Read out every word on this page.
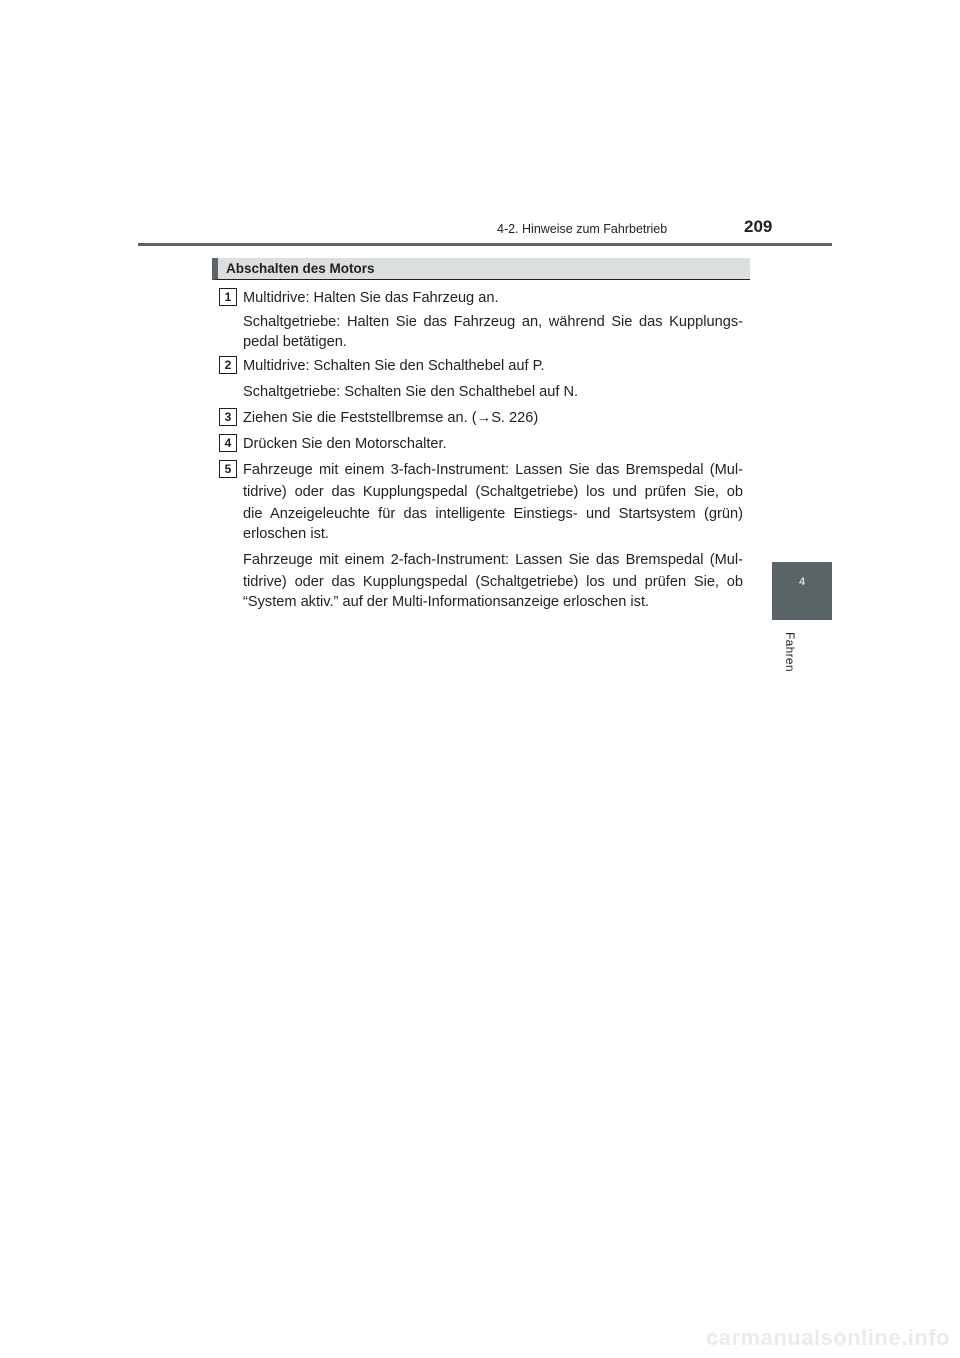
4-2. Hinweise zum Fahrbetrieb	209
4
Fahren
Abschalten des Motors
1
2
3
4
5
Multidrive: Halten Sie das Fahrzeug an.
Schaltgetriebe: Halten Sie das Fahrzeug an, während Sie das Kupplungs-
pedal betätigen.
Multidrive: Schalten Sie den Schalthebel auf P.
Schaltgetriebe: Schalten Sie den Schalthebel auf N.
Ziehen Sie die Feststellbremse an. (→S. 226)
Drücken Sie den Motorschalter.
Fahrzeuge mit einem 3-fach-Instrument: Lassen Sie das Bremspedal (Mul-
tidrive) oder das Kupplungspedal (Schaltgetriebe) los und prüfen Sie, ob
die Anzeigeleuchte für das intelligente Einstiegs- und Startsystem (grün)
erloschen ist.
Fahrzeuge mit einem 2-fach-Instrument: Lassen Sie das Bremspedal (Mul-
tidrive) oder das Kupplungspedal (Schaltgetriebe) los und prüfen Sie, ob
“System aktiv.” auf der Multi-Informationsanzeige erloschen ist.
carmanualsonline.info
